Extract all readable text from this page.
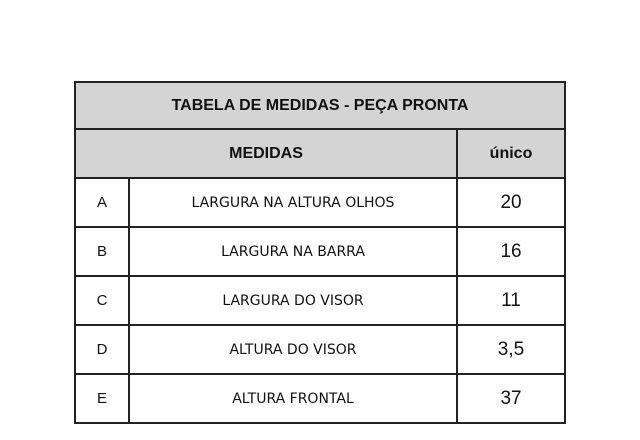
TABELA DE MEDIDAS - PEÇA PRONTA		
MEDIDAS		único
A	LARGURA NA ALTURA OLHOS	20
B	LARGURA NA BARRA	16
C	LARGURA DO VISOR	11
D	ALTURA DO VISOR	3,5
E	ALTURA FRONTAL	37
